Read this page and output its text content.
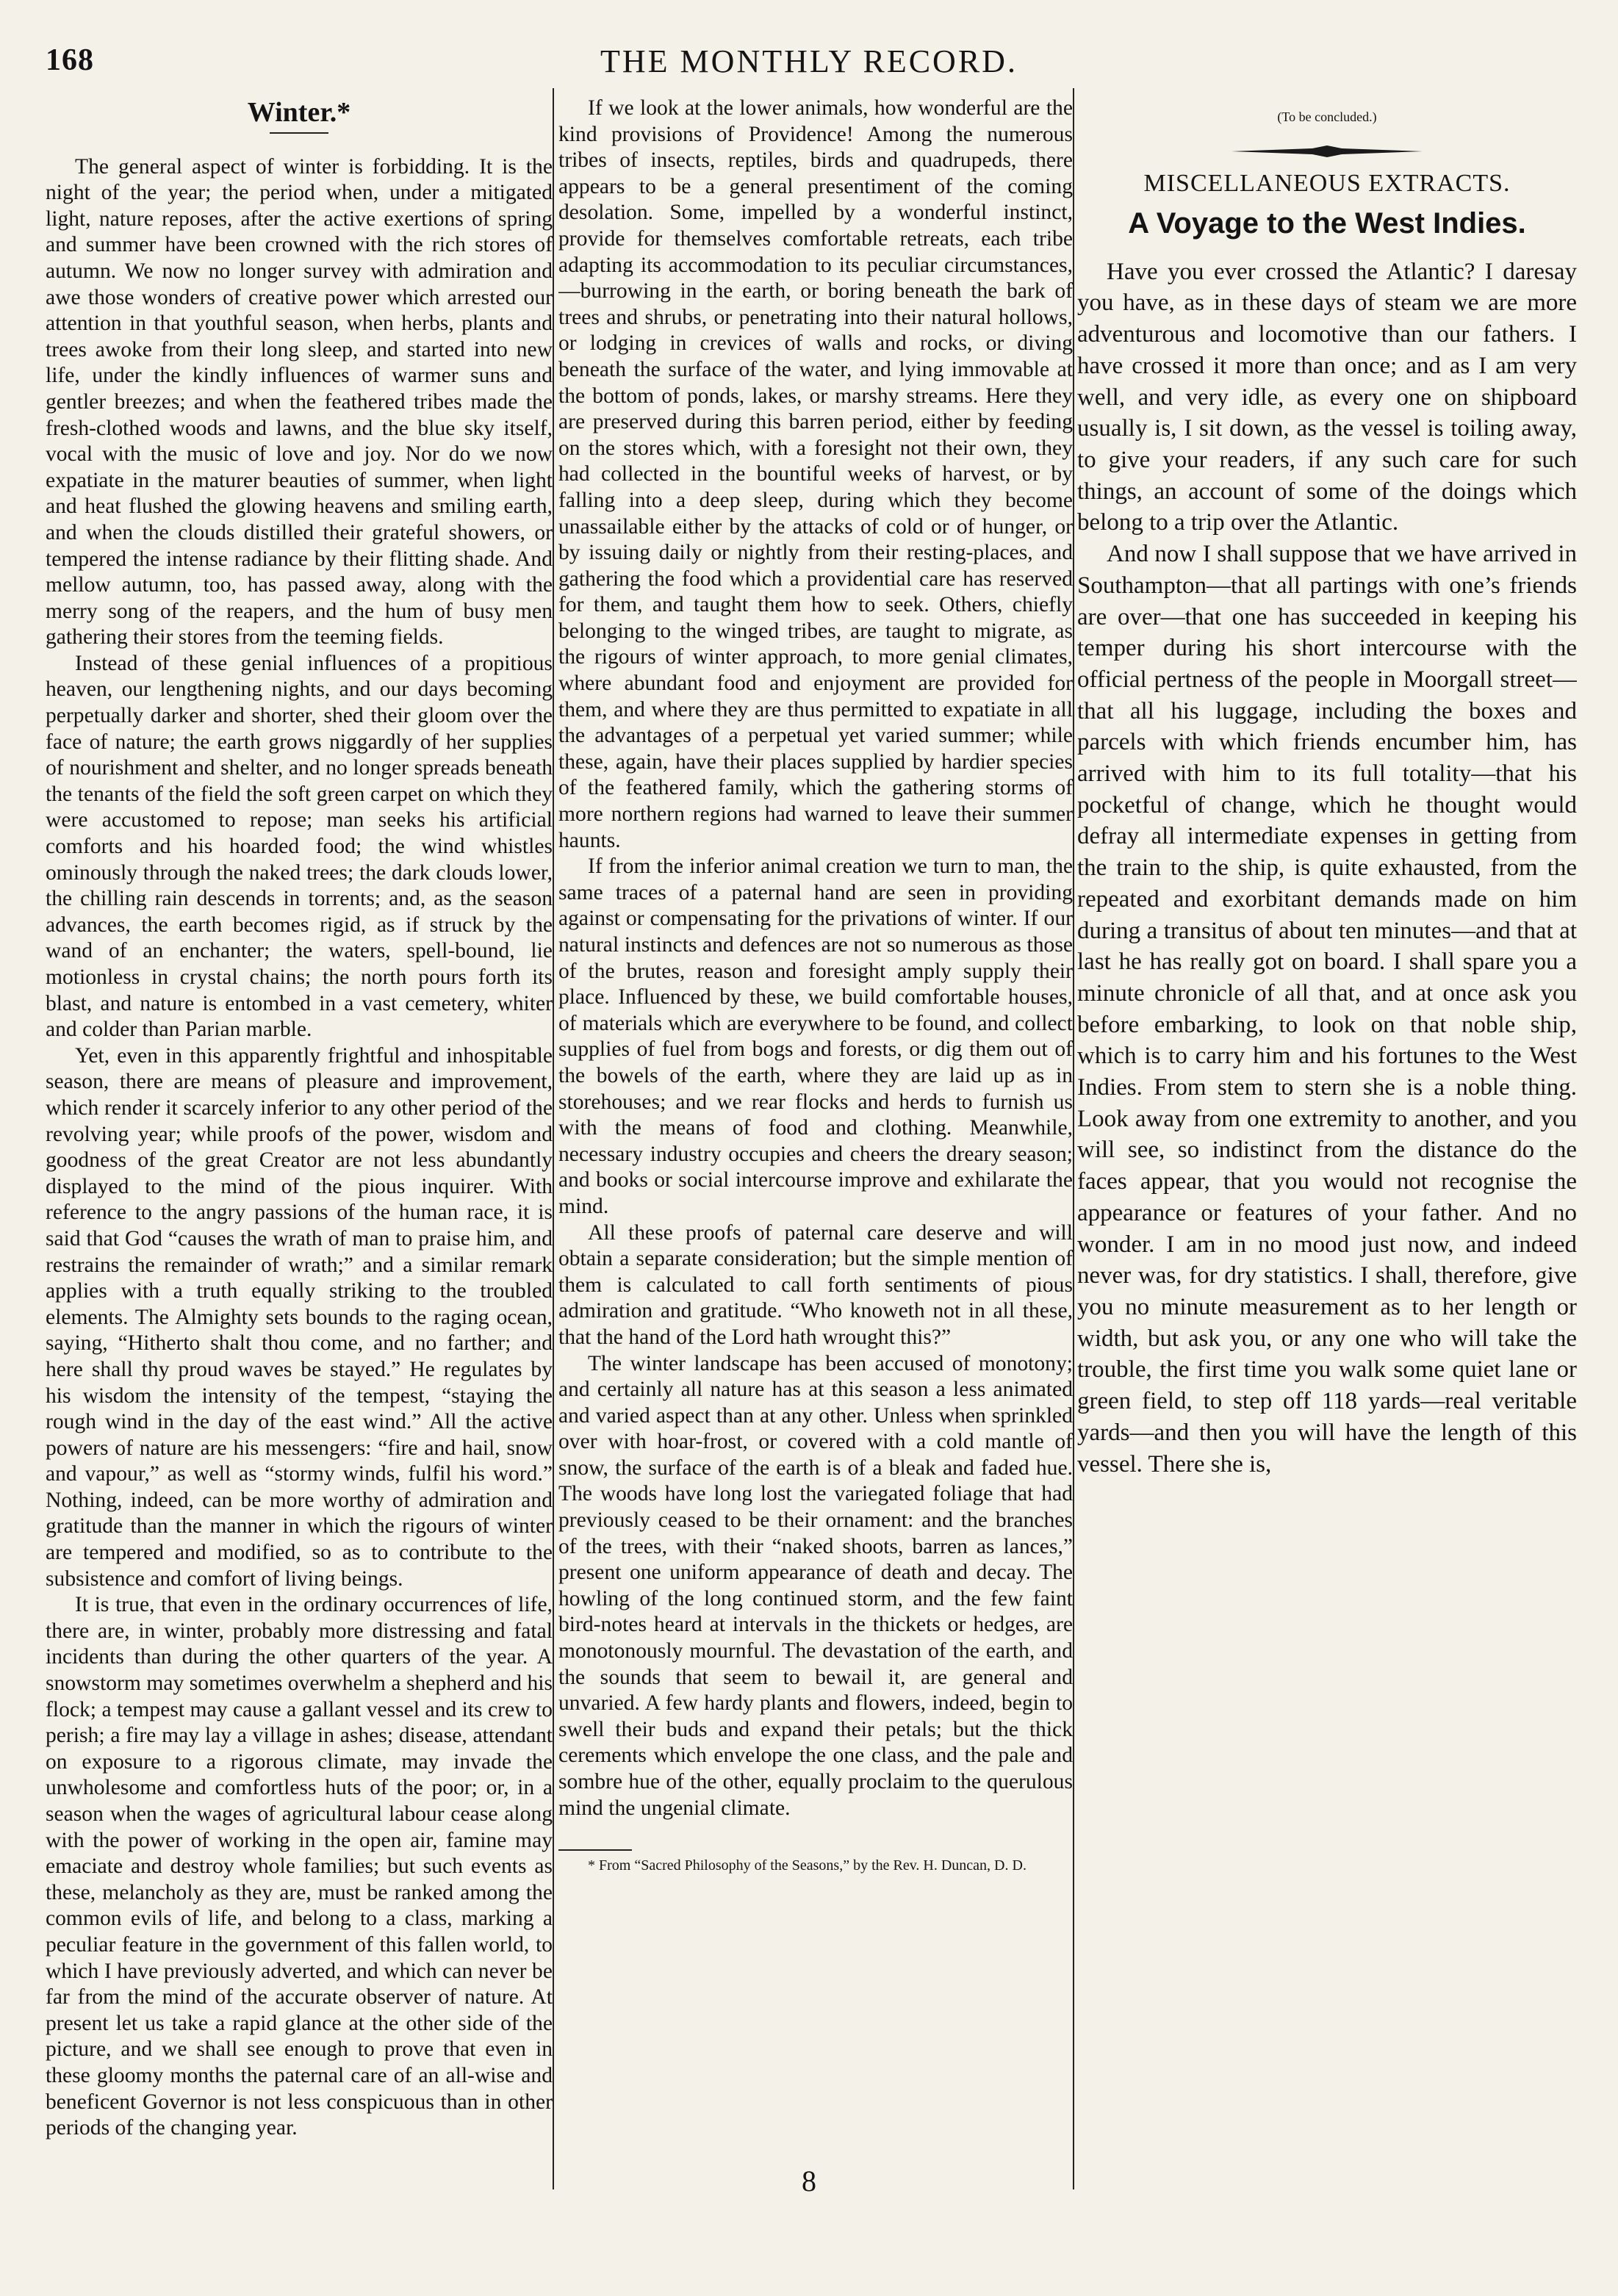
168	THE MONTHLY RECORD.
Winter.*

The general aspect of winter is forbidding. It is the night of the year; the period when, under a mitigated light, nature reposes, after the active exertions of spring and summer have been crowned with the rich stores of autumn. We now no longer survey with admiration and awe those wonders of creative power which arrested our attention in that youthful season, when herbs, plants and trees awoke from their long sleep, and started into new life, under the kindly influences of warmer suns and gentler breezes; and when the feathered tribes made the fresh-clothed woods and lawns, and the blue sky itself, vocal with the music of love and joy. Nor do we now expatiate in the maturer beauties of summer, when light and heat flushed the glowing heavens and smiling earth, and when the clouds distilled their grateful showers, or tempered the intense radiance by their flitting shade. And mellow autumn, too, has passed away, along with the merry song of the reapers, and the hum of busy men gathering their stores from the teeming fields.

Instead of these genial influences of a propitious heaven, our lengthening nights, and our days becoming perpetually darker and shorter, shed their gloom over the face of nature; the earth grows niggardly of her supplies of nourishment and shelter, and no longer spreads beneath the tenants of the field the soft green carpet on which they were accustomed to repose; man seeks his artificial comforts and his hoarded food; the wind whistles ominously through the naked trees; the dark clouds lower, the chilling rain descends in torrents; and, as the season advances, the earth becomes rigid, as if struck by the wand of an enchanter; the waters, spell-bound, lie motionless in crystal chains; the north pours forth its blast, and nature is entombed in a vast cemetery, whiter and colder than Parian marble.

Yet, even in this apparently frightful and inhospitable season, there are means of pleasure and improvement, which render it scarcely inferior to any other period of the revolving year; while proofs of the power, wisdom and goodness of the great Creator are not less abundantly displayed to the mind of the pious inquirer. With reference to the angry passions of the human race, it is said that God “causes the wrath of man to praise him, and restrains the remainder of wrath;” and a similar remark applies with a truth equally striking to the troubled elements. The Almighty sets bounds to the raging ocean, saying, “Hitherto shalt thou come, and no farther; and here shall thy proud waves be stayed.” He regulates by his wisdom the intensity of the tempest, “staying the rough wind in the day of the east wind.” All the active powers of nature are his messengers: “fire and hail, snow and vapour,” as well as “stormy winds, fulfil his word.” Nothing, indeed, can be more worthy of admiration and gratitude than the manner in which the rigours of winter are tempered and modified, so as to contribute to the subsistence and comfort of living beings.

It is true, that even in the ordinary occurrences of life, there are, in winter, probably more distressing and fatal incidents than during the other quarters of the year. A snowstorm may sometimes overwhelm a shepherd and his flock; a tempest may cause a gallant vessel and its crew to perish; a fire may lay a village in ashes; disease, attendant on exposure to a rigorous climate, may invade the unwholesome and comfortless huts of the poor; or, in a season when the wages of agricultural labour cease along with the power of working in the open air, famine may emaciate and destroy whole families; but such events as these, melancholy as they are, must be ranked among the common evils of life, and belong to a class, marking a peculiar feature in the government of this fallen world, to which I have previously adverted, and which can never be far from the mind of the accurate observer of nature. At present let us take a rapid glance at the other side of the picture, and we shall see enough to prove that even in these gloomy months the paternal care of an all-wise and beneficent Governor is not less conspicuous than in other periods of the changing year.

If we look at the lower animals, how wonderful are the kind provisions of Providence! Among the numerous tribes of insects, reptiles, birds and quadrupeds, there appears to be a general presentiment of the coming desolation. Some, impelled by a wonderful instinct, provide for themselves comfortable retreats, each tribe adapting its accommodation to its peculiar circumstances,—burrowing in the earth, or boring beneath the bark of trees and shrubs, or penetrating into their natural hollows, or lodging in crevices of walls and rocks, or diving beneath the surface of the water, and lying immovable at the bottom of ponds, lakes, or marshy streams. Here they are preserved during this barren period, either by feeding on the stores which, with a foresight not their own, they had collected in the bountiful weeks of harvest, or by falling into a deep sleep, during which they become unassailable either by the attacks of cold or of hunger, or by issuing daily or nightly from their resting-places, and gathering the food which a providential care has reserved for them, and taught them how to seek. Others, chiefly belonging to the winged tribes, are taught to migrate, as the rigours of winter approach, to more genial climates, where abundant food and enjoyment are provided for them, and where they are thus permitted to expatiate in all the advantages of a perpetual yet varied summer; while these, again, have their places supplied by hardier species of the feathered family, which the gathering storms of more northern regions had warned to leave their summer haunts.

If from the inferior animal creation we turn to man, the same traces of a paternal hand are seen in providing against or compensating for the privations of winter. If our natural instincts and defences are not so numerous as those of the brutes, reason and foresight amply supply their place. Influenced by these, we build comfortable houses, of materials which are everywhere to be found, and collect supplies of fuel from bogs and forests, or dig them out of the bowels of the earth, where they are laid up as in storehouses; and we rear flocks and herds to furnish us with the means of food and clothing. Meanwhile, necessary industry occupies and cheers the dreary season; and books or social intercourse improve and exhilarate the mind.

All these proofs of paternal care deserve and will obtain a separate consideration; but the simple mention of them is calculated to call forth sentiments of pious admiration and gratitude. “Who knoweth not in all these, that the hand of the Lord hath wrought this?”

The winter landscape has been accused of monotony; and certainly all nature has at this season a less animated and varied aspect than at any other. Unless when sprinkled over with hoar-frost, or covered with a cold mantle of snow, the surface of the earth is of a bleak and faded hue. The woods have long lost the variegated foliage that had previously ceased to be their ornament: and the branches of the trees, with their “naked shoots, barren as lances,” present one uniform appearance of death and decay. The howling of the long continued storm, and the few faint bird-notes heard at intervals in the thickets or hedges, are monotonously mournful. The devastation of the earth, and the sounds that seem to bewail it, are general and unvaried. A few hardy plants and flowers, indeed, begin to swell their buds and expand their petals; but the thick cerements which envelope the one class, and the pale and sombre hue of the other, equally proclaim to the querulous mind the ungenial climate.

* From “Sacred Philosophy of the Seasons,” by the Rev. H. Duncan, D. D.

(To be concluded.)
MISCELLANEOUS EXTRACTS.
A Voyage to the West Indies.

Have you ever crossed the Atlantic? I daresay you have, as in these days of steam we are more adventurous and locomotive than our fathers. I have crossed it more than once; and as I am very well, and very idle, as every one on shipboard usually is, I sit down, as the vessel is toiling away, to give your readers, if any such care for such things, an account of some of the doings which belong to a trip over the Atlantic.

And now I shall suppose that we have arrived in Southampton—that all partings with one’s friends are over—that one has succeeded in keeping his temper during his short intercourse with the official pertness of the people in Moorgall street—that all his luggage, including the boxes and parcels with which friends encumber him, has arrived with him to its full totality—that his pocketful of change, which he thought would defray all intermediate expenses in getting from the train to the ship, is quite exhausted, from the repeated and exorbitant demands made on him during a transitus of about ten minutes—and that at last he has really got on board. I shall spare you a minute chronicle of all that, and at once ask you before embarking, to look on that noble ship, which is to carry him and his fortunes to the West Indies. From stem to stern she is a noble thing. Look away from one extremity to another, and you will see, so indistinct from the distance do the faces appear, that you would not recognise the appearance or features of your father. And no wonder. I am in no mood just now, and indeed never was, for dry statistics. I shall, therefore, give you no minute measurement as to her length or width, but ask you, or any one who will take the trouble, the first time you walk some quiet lane or green field, to step off 118 yards—real veritable yards—and then you will have the length of this vessel. There she is,

8
